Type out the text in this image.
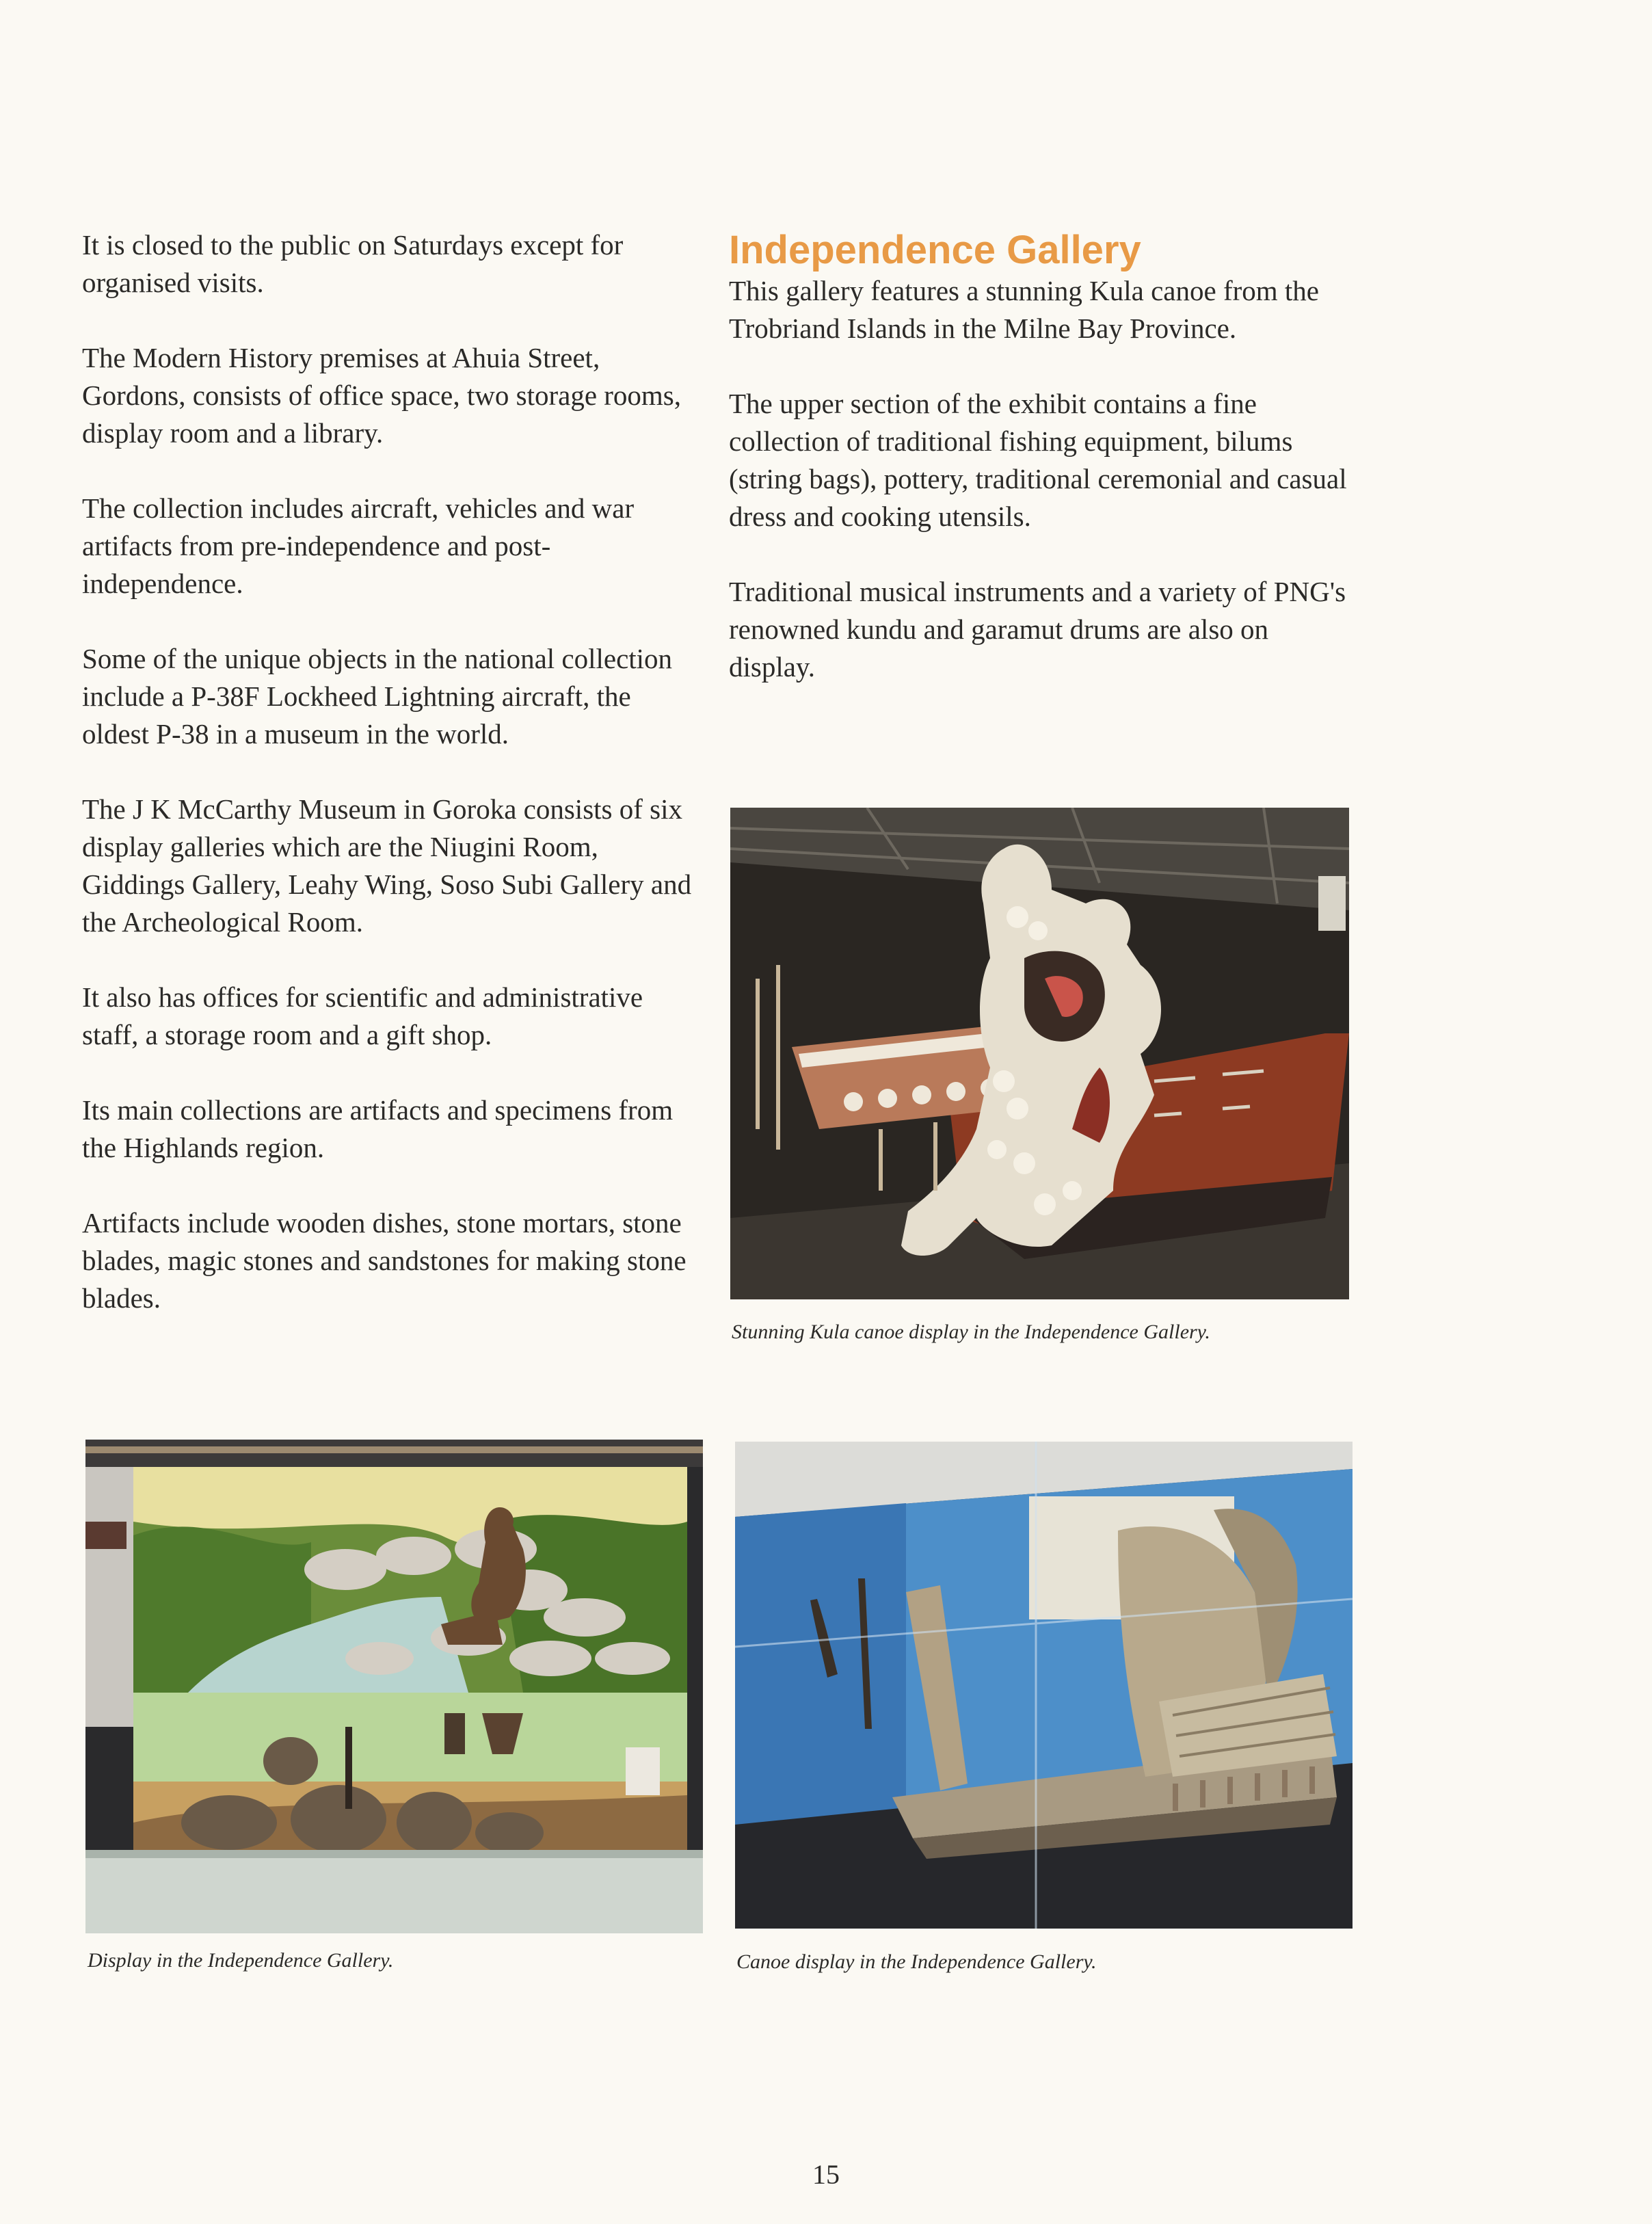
It is closed to the public on Saturdays except for organised visits.

The Modern History premises at Ahuia Street, Gordons, consists of office space, two storage rooms, display room and a library.

The collection includes aircraft, vehicles and war artifacts from pre-independence and post-independence.

Some of the unique objects in the national collection include a P-38F Lockheed Lightning aircraft, the oldest P-38 in a museum in the world.

The J K McCarthy Museum in Goroka consists of six display galleries which are the Niugini Room, Giddings Gallery, Leahy Wing, Soso Subi Gallery and the Archeological Room.

It also has offices for scientific and administrative staff, a storage room and a gift shop.

Its main collections are artifacts and specimens from the Highlands region.

Artifacts include wooden dishes, stone mortars, stone blades, magic stones and sandstones for making stone blades.

Independence Gallery

This gallery features a stunning Kula canoe from the Trobriand Islands in the Milne Bay Province.

The upper section of the exhibit contains a fine collection of traditional fishing equipment, bilums (string bags), pottery, traditional ceremonial and casual dress and cooking utensils.

Traditional musical instruments and a variety of PNG's renowned kundu and garamut drums are also on display.

Stunning Kula canoe display in the Independence Gallery.

Display in the Independence Gallery.	Canoe display in the Independence Gallery.

15
